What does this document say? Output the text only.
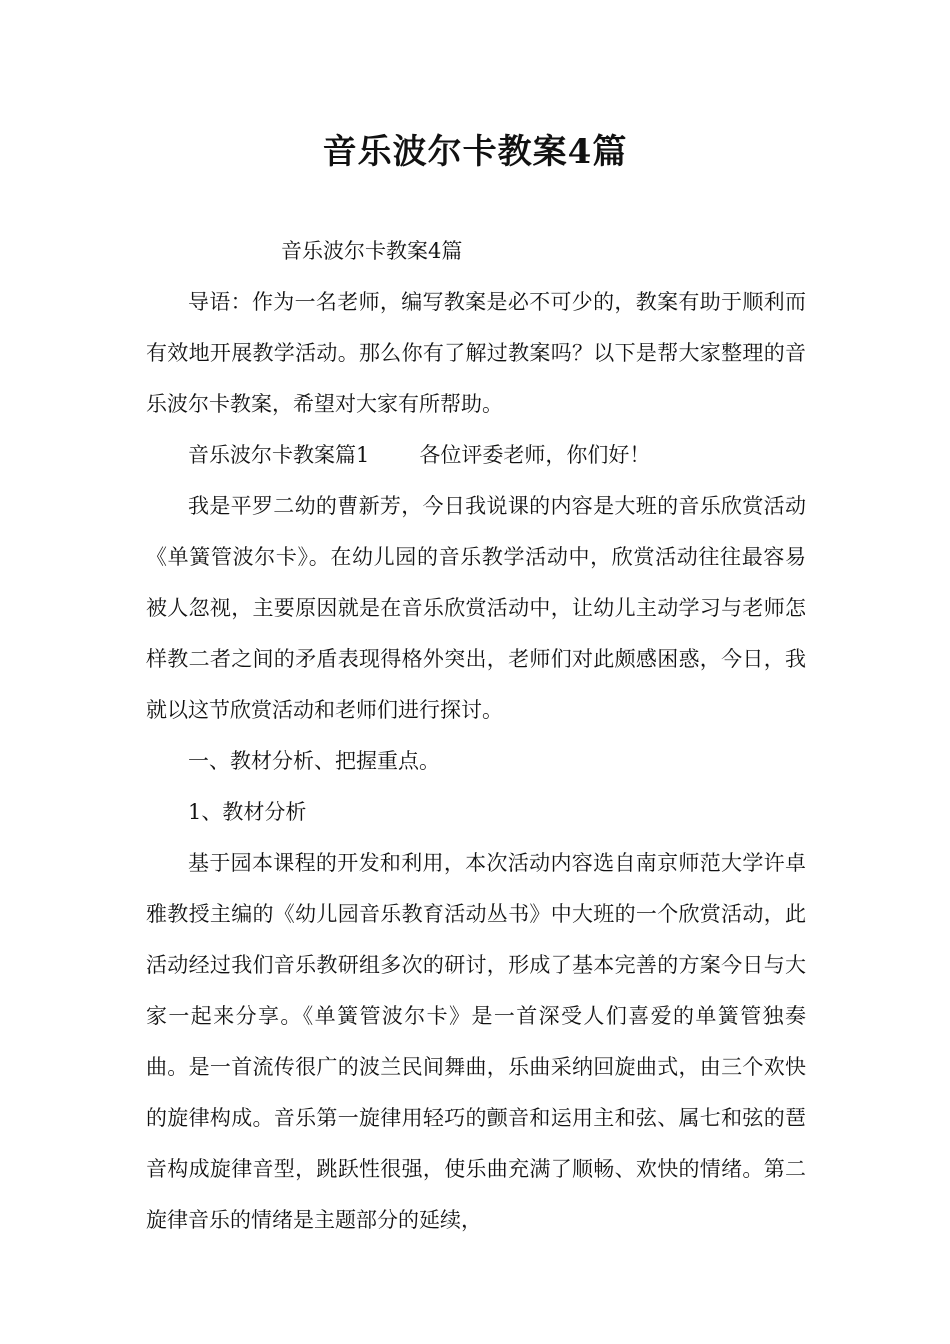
音乐波尔卡教案4篇

音乐波尔卡教案4篇

导语：作为一名老师，编写教案是必不可少的，教案有助于顺利而有效地开展教学活动。那么你有了解过教案吗？以下是帮大家整理的音乐波尔卡教案，希望对大家有所帮助。

音乐波尔卡教案篇1 各位评委老师，你们好！

我是平罗二幼的曹新芳，今日我说课的内容是大班的音乐欣赏活动《单簧管波尔卡》。在幼儿园的音乐教学活动中，欣赏活动往往最容易被人忽视，主要原因就是在音乐欣赏活动中，让幼儿主动学习与老师怎样教二者之间的矛盾表现得格外突出，老师们对此颇感困惑，今日，我就以这节欣赏活动和老师们进行探讨。

一、教材分析、把握重点。

1、教材分析

基于园本课程的开发和利用，本次活动内容选自南京师范大学许卓雅教授主编的《幼儿园音乐教育活动丛书》中大班的一个欣赏活动，此活动经过我们音乐教研组多次的研讨，形成了基本完善的方案今日与大家一起来分享。《单簧管波尔卡》是一首深受人们喜爱的单簧管独奏曲。是一首流传很广的波兰民间舞曲，乐曲采纳回旋曲式，由三个欢快的旋律构成。音乐第一旋律用轻巧的颤音和运用主和弦、属七和弦的琶音构成旋律音型，跳跃性很强，使乐曲充满了顺畅、欢快的情绪。第二旋律音乐的情绪是主题部分的延续，
